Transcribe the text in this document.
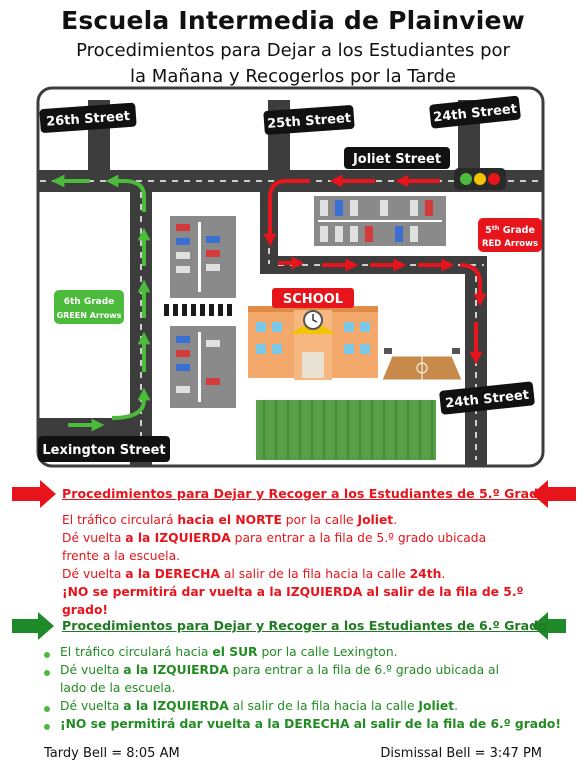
Escuela Intermedia de Plainview
Procedimientos para Dejar a los Estudiantes por
la Mañana y Recogerlos por la Tarde
SCHOOL
26th Street	25th Street	24th Street
Joliet Street
24th Street
Lexington Street
5th Grade
RED Arrows
6th Grade
GREEN Arrows
Procedimientos para Dejar y Recoger a los Estudiantes de 5.º Grado
El tráfico circulará hacia el NORTE por la calle Joliet.
Dé vuelta a la IZQUIERDA para entrar a la fila de 5.º grado ubicada
frente a la escuela.
Dé vuelta a la DERECHA al salir de la fila hacia la calle 24th.
¡NO se permitirá dar vuelta a la IZQUIERDA al salir de la fila de 5.º
grado!
Procedimientos para Dejar y Recoger a los Estudiantes de 6.º Grado
El tráfico circulará hacia el SUR por la calle Lexington.
Dé vuelta a la IZQUIERDA para entrar a la fila de 6.º grado ubicada al
lado de la escuela.
Dé vuelta a la IZQUIERDA al salir de la fila hacia la calle Joliet.
¡NO se permitirá dar vuelta a la DERECHA al salir de la fila de 6.º grado!
Tardy Bell = 8:05 AM	Dismissal Bell = 3:47 PM
